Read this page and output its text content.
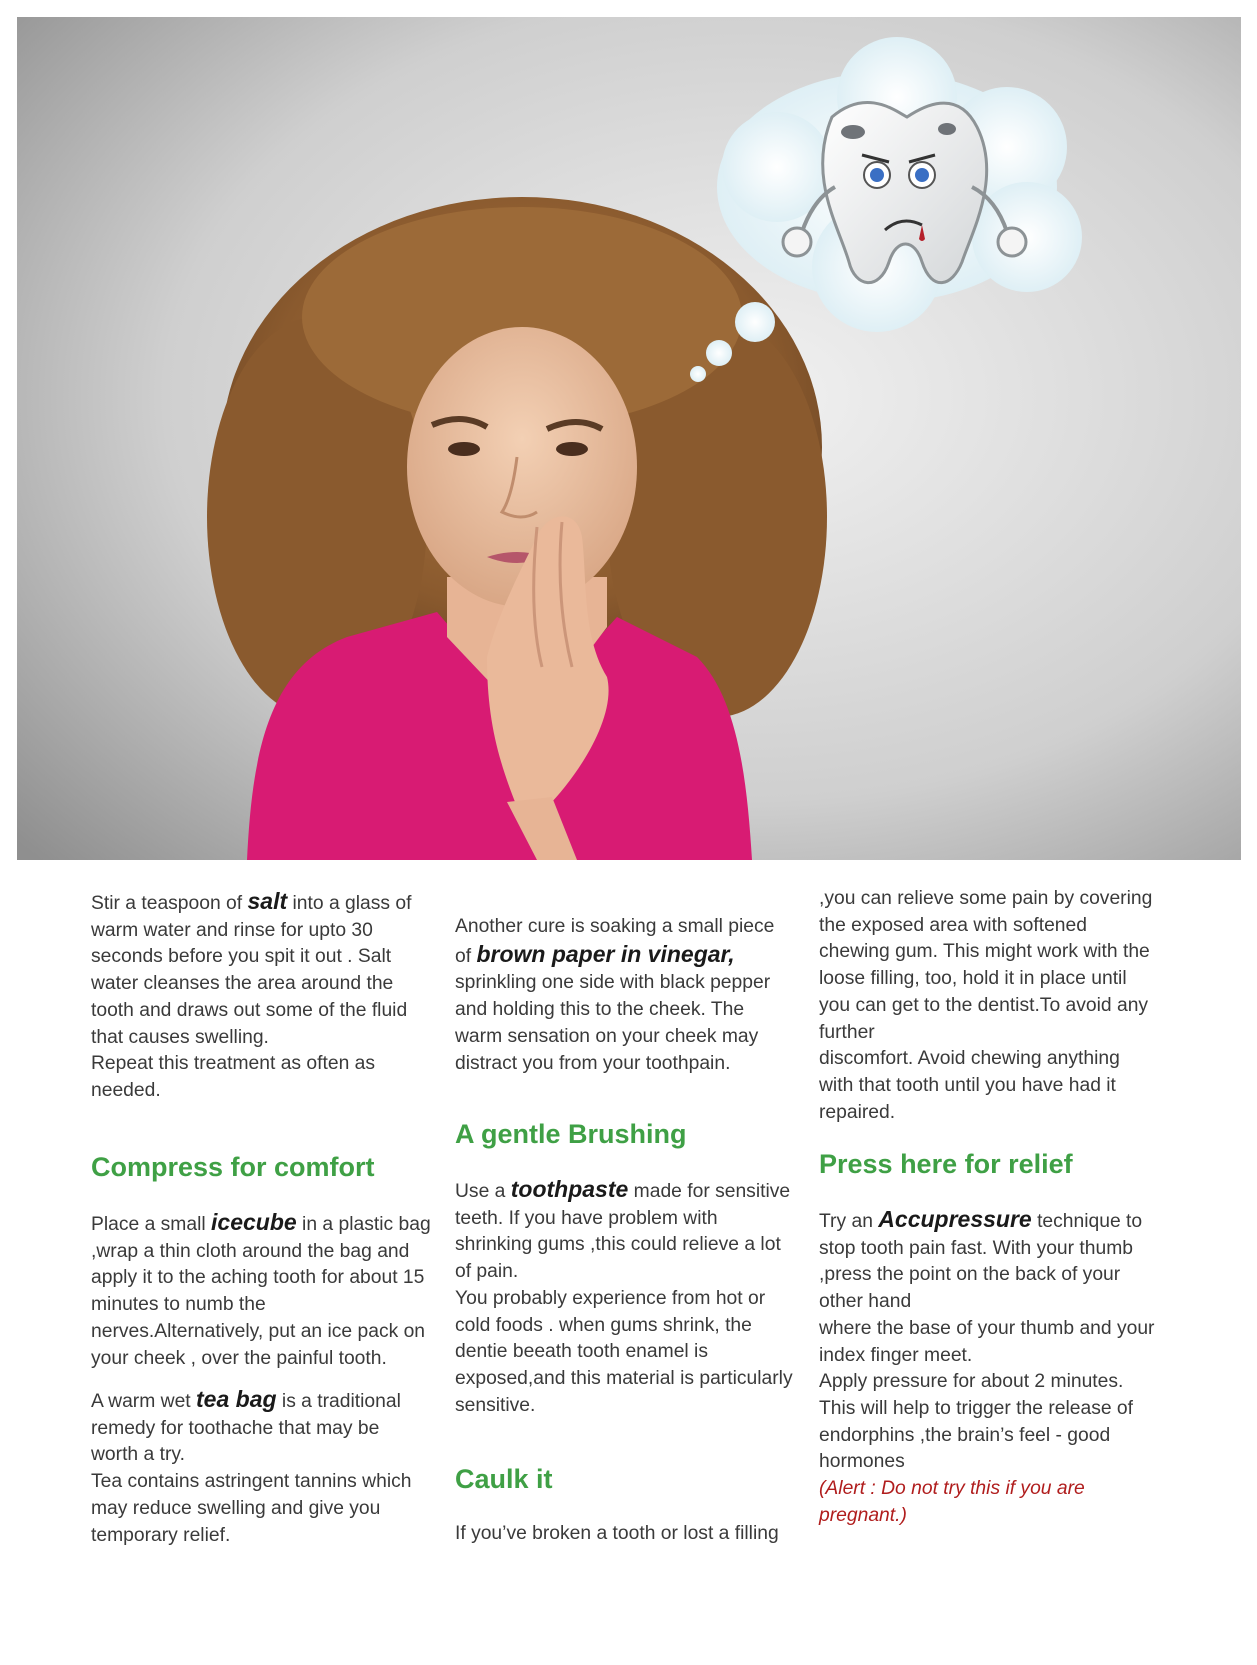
Stir a teaspoon of salt into a glass of warm water and rinse for upto 30 seconds before you spit it out . Salt water cleanses the area around the tooth and draws out some of the fluid that causes swelling.

Repeat this treatment as often as needed.

Compress for comfort

Place a small icecube in a plastic bag ,wrap a thin cloth around the bag and apply it to the aching tooth for about 15 minutes to numb the nerves.Alternatively, put an ice pack on your cheek , over the painful tooth.

A warm wet tea bag is a traditional remedy for toothache that may be worth a try.

Tea contains astringent tannins which may reduce swelling and give you temporary relief.

Another cure is soaking a small piece of brown paper in vinegar, sprinkling one side with black pepper and holding this to the cheek. The warm sensation on your cheek may distract you from your toothpain.

A gentle Brushing

Use a toothpaste made for sensitive teeth. If you have problem with shrinking gums ,this could relieve a lot of pain.

You probably experience from hot or cold foods . when gums shrink, the dentie beeath tooth enamel is exposed,and this material is particularly sensitive.

Caulk it

If you’ve broken a tooth or lost a filling

,you can relieve some pain by covering the exposed area with softened chewing gum. This might work with the loose filling, too, hold it in place until you can get to the dentist.To avoid any further

discomfort. Avoid chewing anything with that tooth until you have had it repaired.

Press here for relief

Try an Accupressure technique to stop tooth pain fast. With your thumb ,press the point on the back of your other hand

where the base of your thumb and your index finger meet.

Apply pressure for about 2 minutes. This will help to trigger the release of endorphins ,the brain’s feel - good hormones

(Alert : Do not try this if you are pregnant.)
